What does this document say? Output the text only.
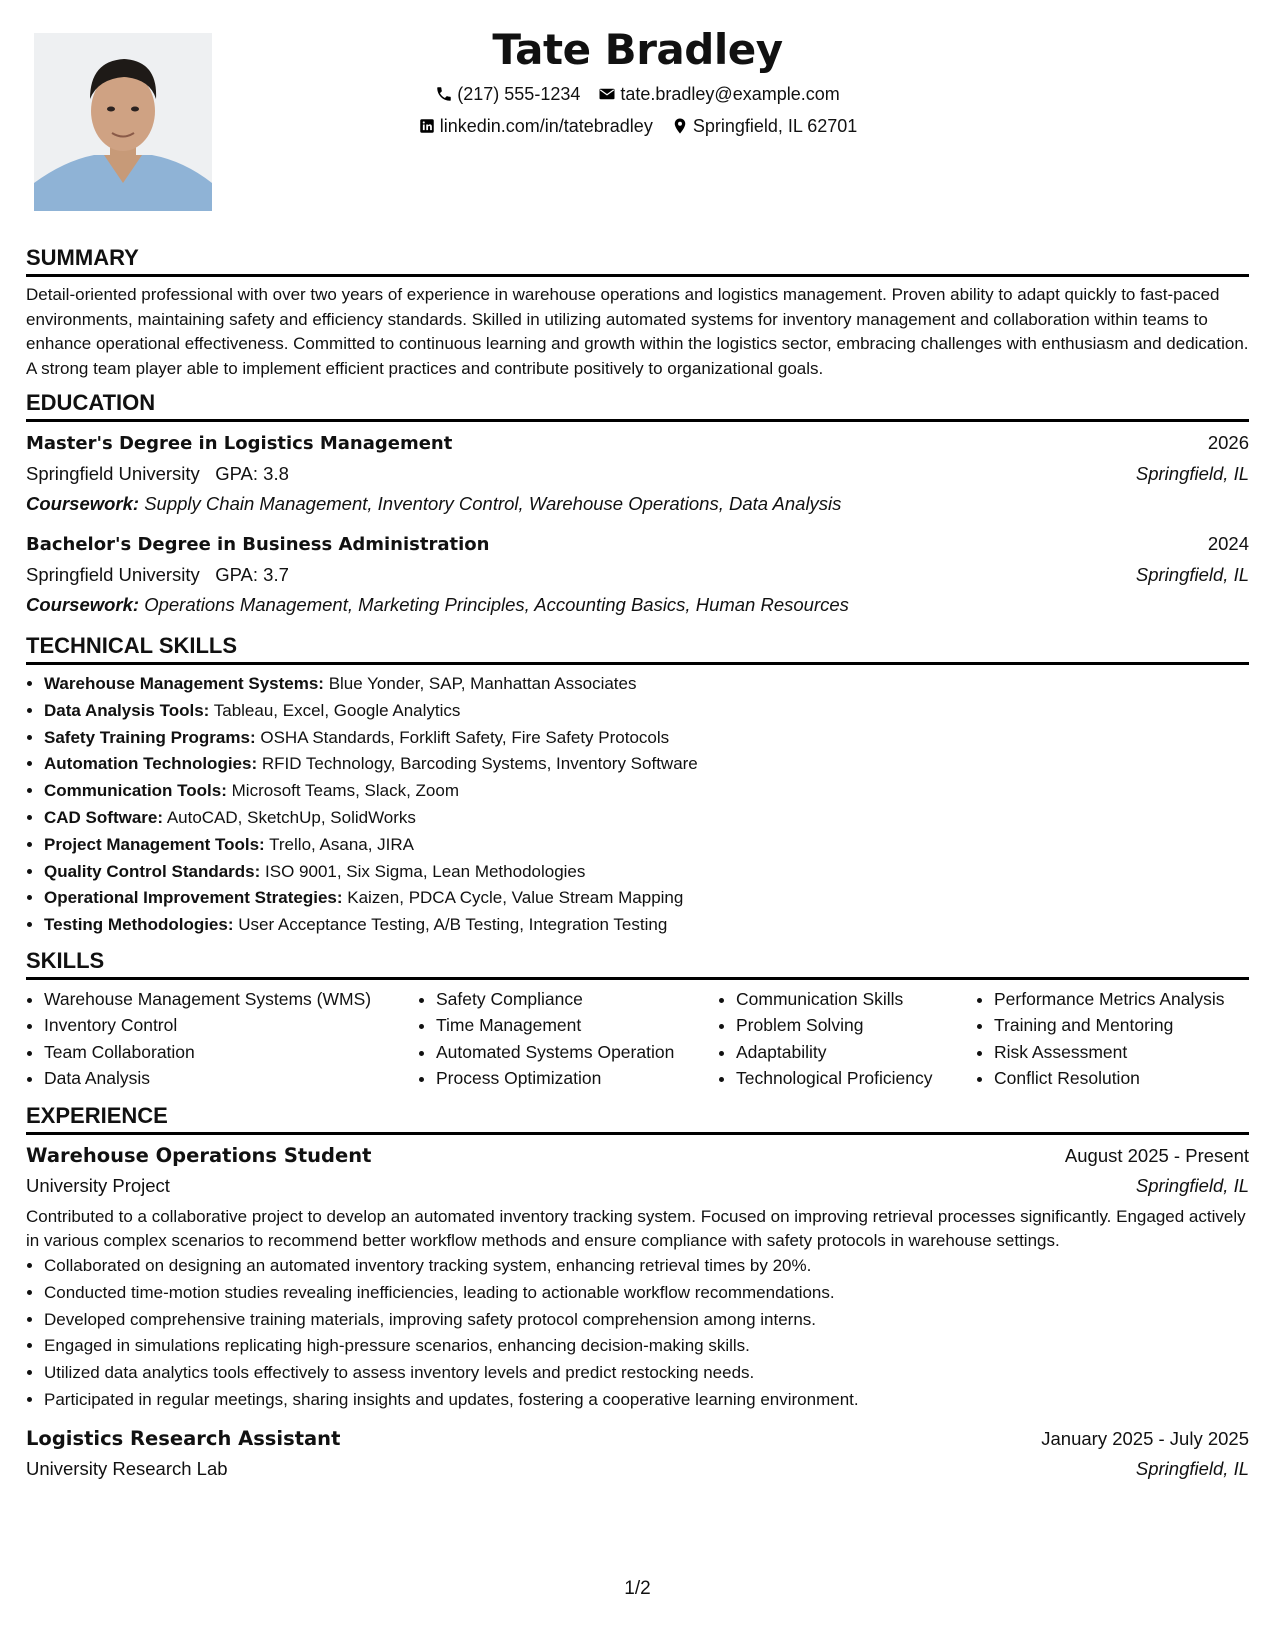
Tate Bradley
(217) 555-1234 tate.bradley@example.com
linkedin.com/in/tatebradley Springfield, IL 62701
SUMMARY

Detail-oriented professional with over two years of experience in warehouse operations and logistics management. Proven ability to adapt quickly to fast-paced environments, maintaining safety and efficiency standards. Skilled in utilizing automated systems for inventory management and collaboration within teams to enhance operational effectiveness. Committed to continuous learning and growth within the logistics sector, embracing challenges with enthusiasm and dedication. A strong team player able to implement efficient practices and contribute positively to organizational goals.

EDUCATION
Master's Degree in Logistics Management	2026
Springfield University GPA: 3.8	Springfield, IL
Coursework: Supply Chain Management, Inventory Control, Warehouse Operations, Data Analysis
Bachelor's Degree in Business Administration	2024
Springfield University GPA: 3.7	Springfield, IL
Coursework: Operations Management, Marketing Principles, Accounting Basics, Human Resources
TECHNICAL SKILLS
• Warehouse Management Systems: Blue Yonder, SAP, Manhattan Associates
• Data Analysis Tools: Tableau, Excel, Google Analytics
• Safety Training Programs: OSHA Standards, Forklift Safety, Fire Safety Protocols
• Automation Technologies: RFID Technology, Barcoding Systems, Inventory Software
• Communication Tools: Microsoft Teams, Slack, Zoom
• CAD Software: AutoCAD, SketchUp, SolidWorks
• Project Management Tools: Trello, Asana, JIRA
• Quality Control Standards: ISO 9001, Six Sigma, Lean Methodologies
• Operational Improvement Strategies: Kaizen, PDCA Cycle, Value Stream Mapping
• Testing Methodologies: User Acceptance Testing, A/B Testing, Integration Testing
SKILLS
• Warehouse Management Systems (WMS)
• Inventory Control
• Team Collaboration
• Data Analysis
• Safety Compliance
• Time Management
• Automated Systems Operation
• Process Optimization
• Communication Skills
• Problem Solving
• Adaptability
• Technological Proficiency
• Performance Metrics Analysis
• Training and Mentoring
• Risk Assessment
• Conflict Resolution
EXPERIENCE
Warehouse Operations Student	August 2025 - Present
University Project	Springfield, IL

Contributed to a collaborative project to develop an automated inventory tracking system. Focused on improving retrieval processes significantly. Engaged actively in various complex scenarios to recommend better workflow methods and ensure compliance with safety protocols in warehouse settings.

• Collaborated on designing an automated inventory tracking system, enhancing retrieval times by 20%.
• Conducted time-motion studies revealing inefficiencies, leading to actionable workflow recommendations.
• Developed comprehensive training materials, improving safety protocol comprehension among interns.
• Engaged in simulations replicating high-pressure scenarios, enhancing decision-making skills.
• Utilized data analytics tools effectively to assess inventory levels and predict restocking needs.
• Participated in regular meetings, sharing insights and updates, fostering a cooperative learning environment.
Logistics Research Assistant	January 2025 - July 2025
University Research Lab	Springfield, IL
1/2
